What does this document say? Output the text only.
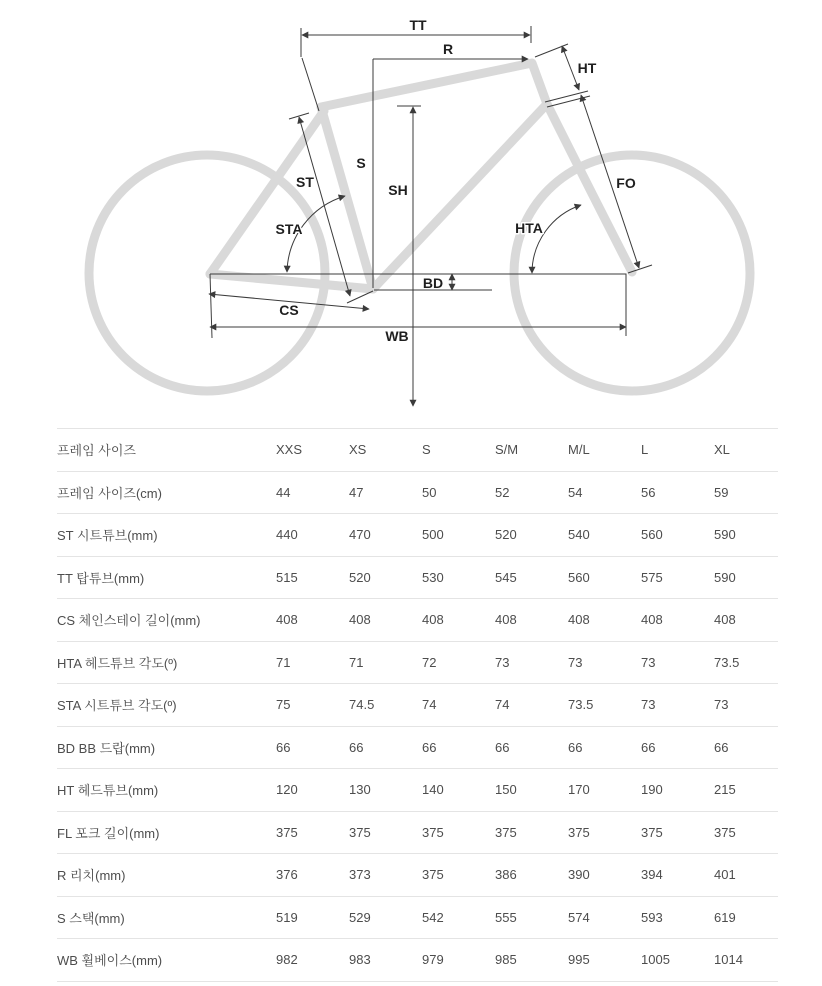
TT
R
S
SH
ST
STA	HTA
HT
FO
BD
CS
WB
프레임 사이즈	XXS	XS	S	S/M	M/L	L	XL
프레임 사이즈(cm)	44	47	50	52	54	56	59
ST 시트튜브(mm)	440	470	500	520	540	560	590
TT 탑튜브(mm)	515	520	530	545	560	575	590
CS 체인스테이 길이(mm)	408	408	408	408	408	408	408
HTA 헤드튜브 각도(º)	71	71	72	73	73	73	73.5
STA 시트튜브 각도(º)	75	74.5	74	74	73.5	73	73
BD BB 드랍(mm)	66	66	66	66	66	66	66
HT 헤드튜브(mm)	120	130	140	150	170	190	215
FL 포크 길이(mm)	375	375	375	375	375	375	375
R 리치(mm)	376	373	375	386	390	394	401
S 스택(mm)	519	529	542	555	574	593	619
WB 휠베이스(mm)	982	983	979	985	995	1005	1014
